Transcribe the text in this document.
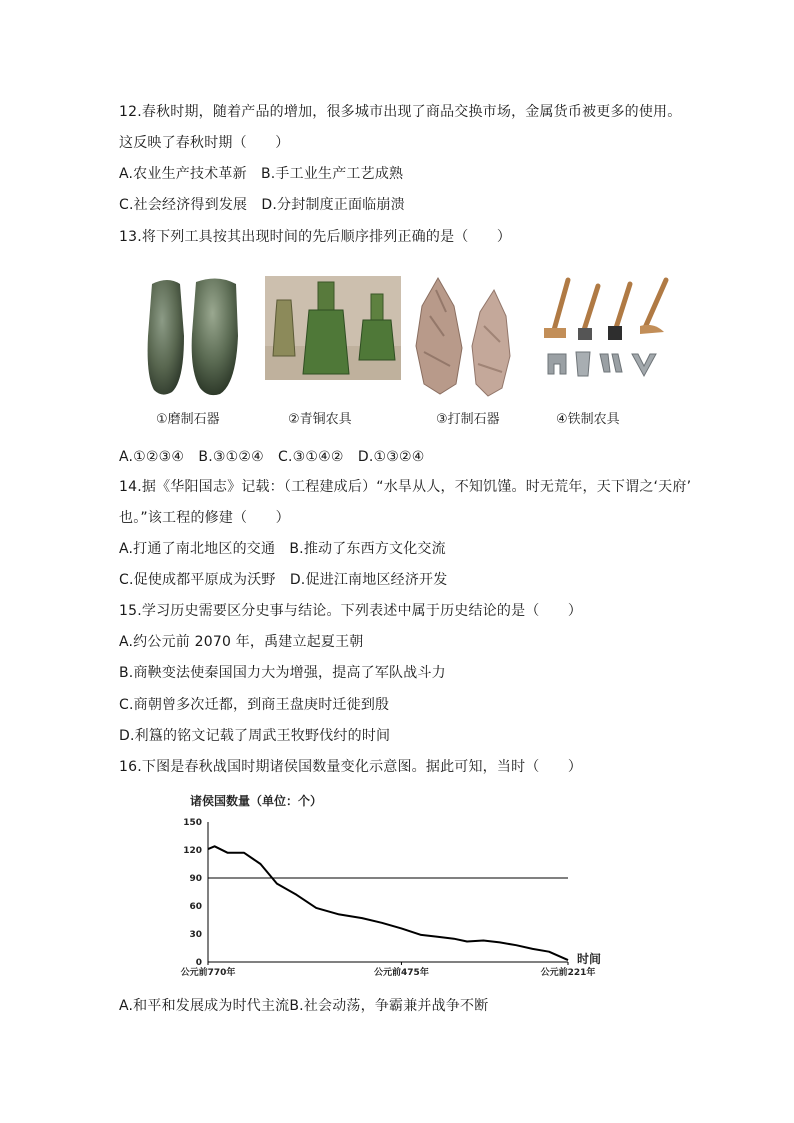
12.春秋时期，随着产品的增加，很多城市出现了商品交换市场，金属货币被更多的使用。
这反映了春秋时期（　　）
A.农业生产技术革新　B.手工业生产工艺成熟
C.社会经济得到发展　D.分封制度正面临崩溃
13.将下列工具按其出现时间的先后顺序排列正确的是（　　）
①磨制石器	②青铜农具	③打制石器	④铁制农具
A.①②③④　B.③①②④　C.③①④②　D.①③②④
14.据《华阳国志》记载：（工程建成后）“水旱从人，不知饥馑。时无荒年，天下谓之‘天府’
也。”该工程的修建（　　）
A.打通了南北地区的交通　B.推动了东西方文化交流
C.促使成都平原成为沃野　D.促进江南地区经济开发
15.学习历史需要区分史事与结论。下列表述中属于历史结论的是（　　）
A.约公元前 2070 年，禹建立起夏王朝
B.商鞅变法使秦国国力大为增强，提高了军队战斗力
C.商朝曾多次迁都，到商王盘庚时迁徙到殷
D.利簋的铭文记载了周武王牧野伐纣的时间
16.下图是春秋战国时期诸侯国数量变化示意图。据此可知，当时（　　）
诸侯国数量（单位：个）
0
30
60
90
120
150
公元前770年	公元前475年	公元前221年
时间
A.和平和发展成为时代主流B.社会动荡，争霸兼并战争不断
